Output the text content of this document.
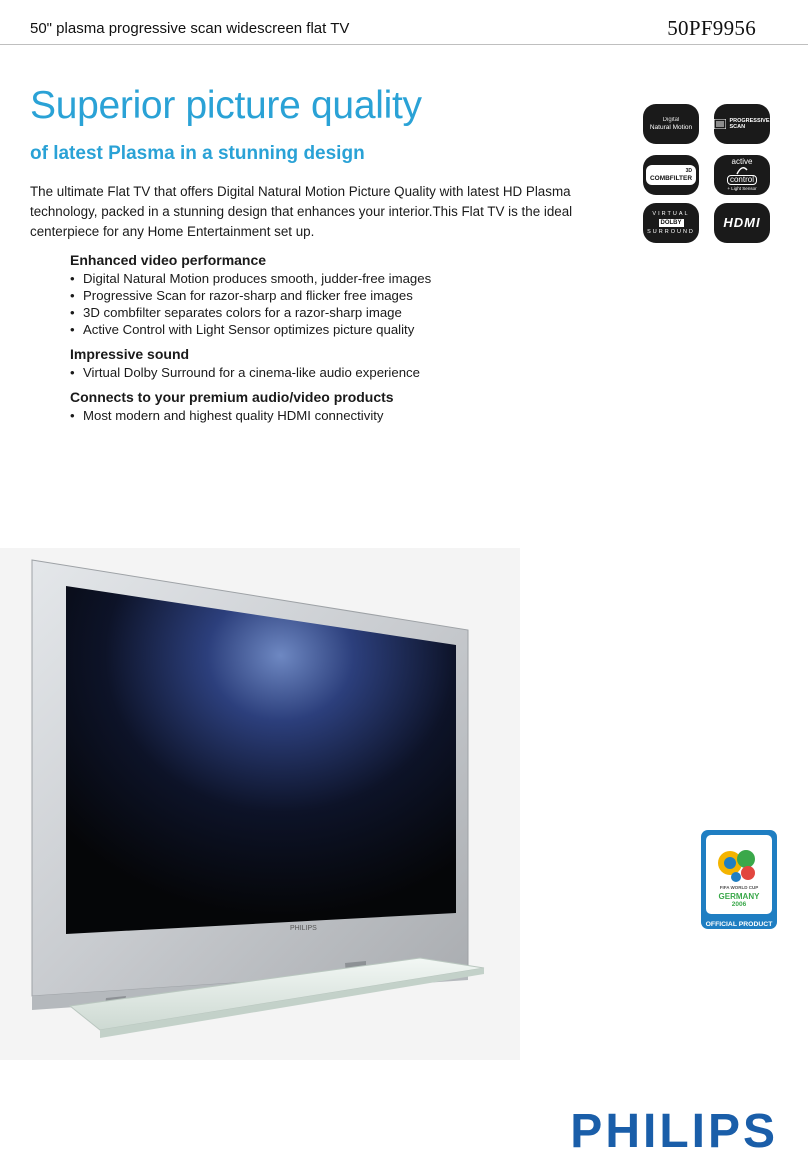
50" plasma progressive scan widescreen flat TV	50PF9956
Superior picture quality
of latest Plasma in a stunning design

The ultimate Flat TV that offers Digital Natural Motion Picture Quality with latest HD Plasma technology, packed in a stunning design that enhances your interior.This Flat TV is the ideal centerpiece for any Home Entertainment set up.

Enhanced video performance

• Digital Natural Motion produces smooth, judder-free images
• Progressive Scan for razor-sharp and flicker free images
• 3D combfilter separates colors for a razor-sharp image
• Active Control with Light Sensor optimizes picture quality

Impressive sound

• Virtual Dolby Surround for a cinema-like audio experience

Connects to your premium audio/video products

• Most modern and highest quality HDMI connectivity
Digital
Natural Motion
PROGRESSIVE
SCAN
3D
COMBFILTER
active
control
+ Light Sensor
VIRTUAL
DOLBY
SURROUND
HDMI
PHILIPS
FIFA WORLD CUP
GERMANY
2006
OFFICIAL PRODUCT
PHILIPS
